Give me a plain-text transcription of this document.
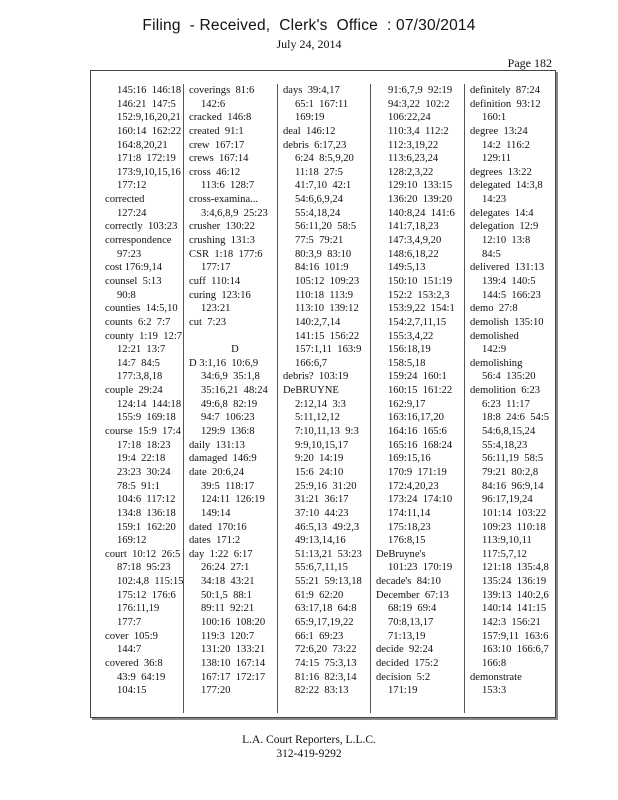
Filing  - Received,  Clerk's  Office  : 07/30/2014
July 24, 2014
Page 182
145:16  146:18
146:21  147:5
152:9,16,20,21
160:14  162:22
164:8,20,21
171:8  172:19
173:9,10,15,16
177:12
corrected
127:24
correctly  103:23
correspondence
97:23
cost 176:9,14
counsel  5:13
90:8
counties  14:5,10
counts  6:2  7:7
county  1:19  12:7
12:21  13:7
14:7  84:5
177:3,8,18
couple  29:24
124:14  144:18
155:9  169:18
course  15:9  17:4
17:18  18:23
19:4  22:18
23:23  30:24
78:5  91:1
104:6  117:12
134:8  136:18
159:1  162:20
169:12
court  10:12  26:5
87:18  95:23
102:4,8  115:15
175:12  176:6
176:11,19
177:7
cover  105:9
144:7
covered  36:8
43:9  64:19
104:15
coverings  81:6
142:6
cracked  146:8
created  91:1
crew  167:17
crews  167:14
cross  46:12
113:6  128:7
cross-examina...
3:4,6,8,9  25:23
crusher  130:22
crushing  131:3
CSR  1:18  177:6
177:17
cuff  110:14
curing  123:16
123:21
cut  7:23
D
D 3:1,16  10:6,9
34:6,9  35:1,8
35:16,21  48:24
49:6,8  82:19
94:7  106:23
129:9  136:8
daily  131:13
damaged  146:9
date  20:6,24
39:5  118:17
124:11  126:19
149:14
dated  170:16
dates  171:2
day  1:22  6:17
26:24  27:1
34:18  43:21
50:1,5  88:1
89:11  92:21
100:16  108:20
119:3  120:7
131:20  133:21
138:10  167:14
167:17  172:17
177:20
days  39:4,17
65:1  167:11
169:19
deal  146:12
debris  6:17,23
6:24  8:5,9,20
11:18  27:5
41:7,10  42:1
54:6,6,9,24
55:4,18,24
56:11,20  58:5
77:5  79:21
80:3,9  83:10
84:16  101:9
105:12  109:23
110:18  113:9
113:10  139:12
140:2,7,14
141:15  156:22
157:1,11  163:9
166:6,7
debris?  103:19
DeBRUYNE
2:12,14  3:3
5:11,12,12
7:10,11,13  9:3
9:9,10,15,17
9:20  14:19
15:6  24:10
25:9,16  31:20
31:21  36:17
37:10  44:23
46:5,13  49:2,3
49:13,14,16
51:13,21  53:23
55:6,7,11,15
55:21  59:13,18
61:9  62:20
63:17,18  64:8
65:9,17,19,22
66:1  69:23
72:6,20  73:22
74:15  75:3,13
81:16  82:3,14
82:22  83:13
91:6,7,9  92:19
94:3,22  102:2
106:22,24
110:3,4  112:2
112:3,19,22
113:6,23,24
128:2,3,22
129:10  133:15
136:20  139:20
140:8,24  141:6
141:7,18,23
147:3,4,9,20
148:6,18,22
149:5,13
150:10  151:19
152:2  153:2,3
153:9,22  154:1
154:2,7,11,15
155:3,4,22
156:18,19
158:5,18
159:24  160:1
160:15  161:22
162:9,17
163:16,17,20
164:16  165:6
165:16  168:24
169:15,16
170:9  171:19
172:4,20,23
173:24  174:10
174:11,14
175:18,23
176:8,15
DeBruyne's
101:23  170:19
decade's  84:10
December  67:13
68:19  69:4
70:8,13,17
71:13,19
decide  92:24
decided  175:2
decision  5:2
171:19
definitely  87:24
definition  93:12
160:1
degree  13:24
14:2  116:2
129:11
degrees  13:22
delegated  14:3,8
14:23
delegates  14:4
delegation  12:9
12:10  13:8
84:5
delivered  131:13
139:4  140:5
144:5  166:23
demo  27:8
demolish  135:10
demolished
142:9
demolishing
56:4  135:20
demolition  6:23
6:23  11:17
18:8  24:6  54:5
54:6,8,15,24
55:4,18,23
56:11,19  58:5
79:21  80:2,8
84:16  96:9,14
96:17,19,24
101:14  103:22
109:23  110:18
113:9,10,11
117:5,7,12
121:18  135:4,8
135:24  136:19
139:13  140:2,6
140:14  141:15
142:3  156:21
157:9,11  163:6
163:10  166:6,7
166:8
demonstrate
153:3
L.A. Court Reporters, L.L.C.
312-419-9292
